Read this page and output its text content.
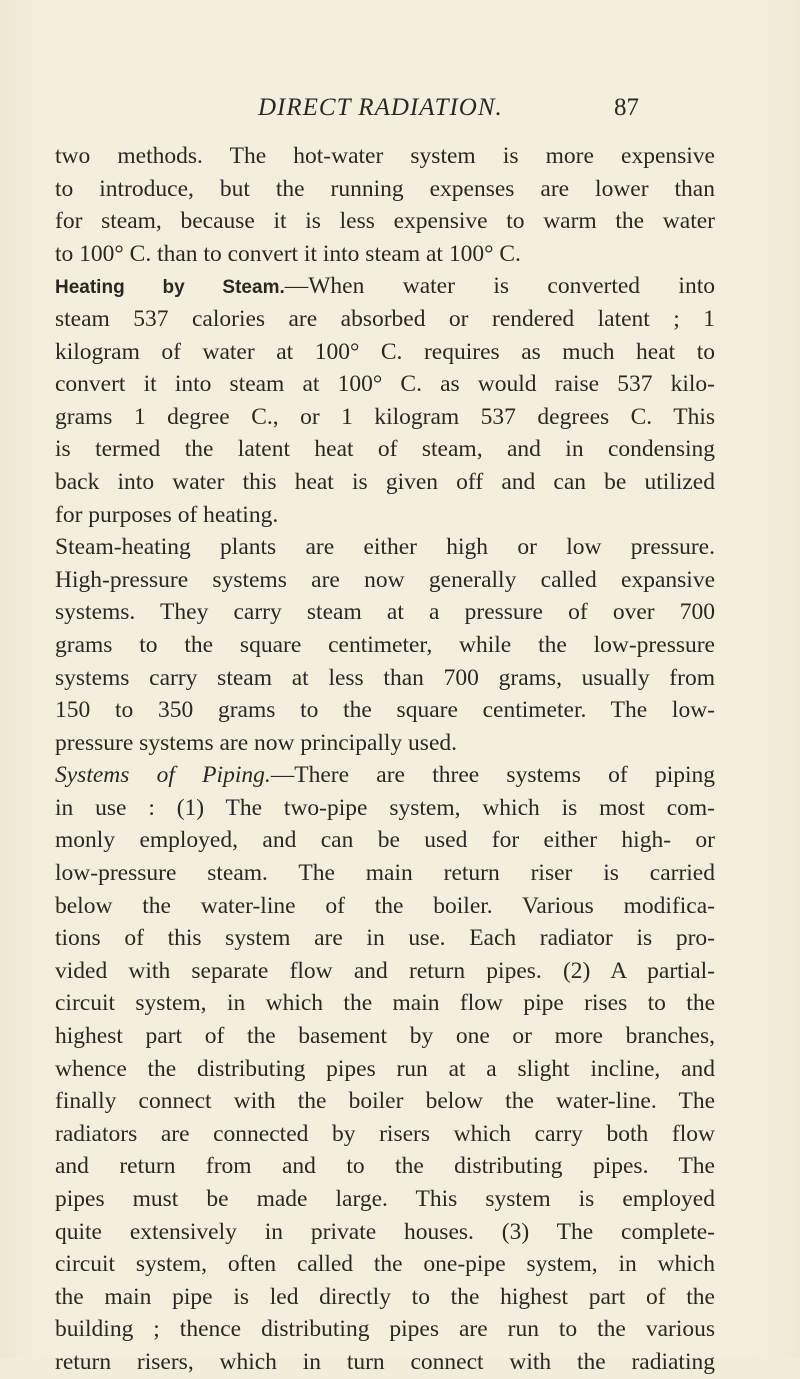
DIRECT RADIATION.	87
two methods. The hot-water system is more expensive
to introduce, but the running expenses are lower than
for steam, because it is less expensive to warm the water
to 100° C. than to convert it into steam at 100° C.
Heating by Steam.—When water is converted into
steam 537 calories are absorbed or rendered latent ; 1
kilogram of water at 100° C. requires as much heat to
convert it into steam at 100° C. as would raise 537 kilo-
grams 1 degree C., or 1 kilogram 537 degrees C. This
is termed the latent heat of steam, and in condensing
back into water this heat is given off and can be utilized
for purposes of heating.
Steam-heating plants are either high or low pressure.
High-pressure systems are now generally called expansive
systems. They carry steam at a pressure of over 700
grams to the square centimeter, while the low-pressure
systems carry steam at less than 700 grams, usually from
150 to 350 grams to the square centimeter. The low-
pressure systems are now principally used.
Systems of Piping.—There are three systems of piping
in use : (1) The two-pipe system, which is most com-
monly employed, and can be used for either high- or
low-pressure steam. The main return riser is carried
below the water-line of the boiler. Various modifica-
tions of this system are in use. Each radiator is pro-
vided with separate flow and return pipes. (2) A partial-
circuit system, in which the main flow pipe rises to the
highest part of the basement by one or more branches,
whence the distributing pipes run at a slight incline, and
finally connect with the boiler below the water-line. The
radiators are connected by risers which carry both flow
and return from and to the distributing pipes. The
pipes must be made large. This system is employed
quite extensively in private houses. (3) The complete-
circuit system, often called the one-pipe system, in which
the main pipe is led directly to the highest part of the
building ; thence distributing pipes are run to the various
return risers, which in turn connect with the radiating
